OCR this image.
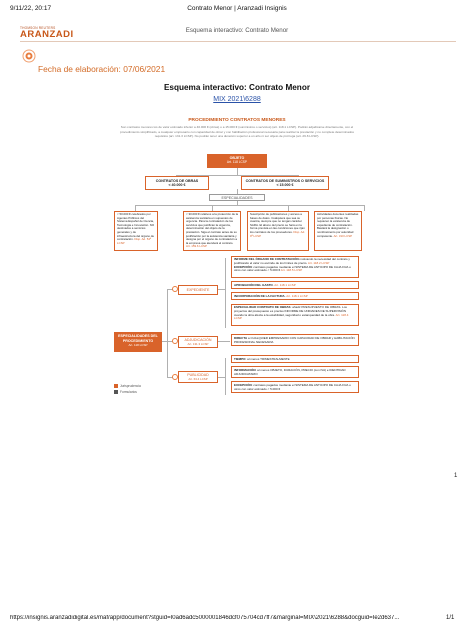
9/11/22, 20:17	Contrato Menor | Aranzadi Insignis
THOMSON REUTERS
ARANZADI	Esquema interactivo: Contrato Menor
Fecha de elaboración: 07/06/2021
Esquema interactivo: Contrato Menor
MIX 2021\6288
PROCEDIMIENTO CONTRATOS MENORES
Son contratos menores los de valor estimado inferior a 40.000 € (obras) o a 15.000 € (suministros o servicios) (art. 118.1 LCSP). Podrán adjudicarse directamente, con el procedimiento simplificado, a cualquier empresario con capacidad de obrar y con habilitación profesional necesaria para realizar la prestación y no complete determinados requisitos (art. 131.3 LCSP). No podrán tener una duración superior a un año ni ser objeto de prórroga (art. 29.8 LCSP).
OBJETO
Art. 118 LCSP
CONTRATOS DE OBRAS
< 40.000 €
CONTRATOS DE SUMINISTROS O SERVICIOS
< 15.000 €
ESPECIALIDADES
< 50.000 € celebrados por Agentes Públicos del Sistema Español de Ciencia, Tecnología e Innovación. NO destinados a servicios generales y de infraestructura del órgano de contratación. Disp. Ad. 54ª LCSP
< 30.000 € relativos a la protección de la asistencia sanitaria en supuestos de urgencia. Para la contratación de los servicios que justifican la urgencia, determinación del objeto de la prestación. Siga el contrato antes de su justificación por la asistencia sanitaria y designa por el órgano de contratación a la empresa que atenderá el contrato. Art. 159.6 LCSP
Suscripción de publicaciones y acceso a bases de datos. Cualquiera que sea su cuantía, siempre que no tengan carácter SARA. El abono del precio se hará en la forma prevista en las condiciones que rijan los contratos de los proveedores. Disp. Ad. 9ª LCSP
Actividades docentes realizadas por personas físicas. No requieren la existencia de expediente de contratación. Bastará la designación o nombramiento por autoridad competente. Art. 310 LCSP
ESPECIALIDADES DEL PROCEDIMIENTO
Art. 118 LCSP
EXPEDIENTE
ADJUDICACIÓN
Art. 131.3 LCSP
PUBLICIDAD
Art. 63.4 LCSP
INFORME DEL ÓRGANO DE CONTRATACIÓN motivando la necesidad del contrato y justificando el valor no escinde de los límites de precio. Art. 118.2 LCSP
EXCEPCIÓN: contratos pagados mediante el SISTEMA DE ANTICIPO DE CAJA FIJA u otros con valor estimado < 5.000 € Art. 118.5 LCSP
APROBACIÓN DEL GASTO. Art. 118.1 LCSP
INCORPORACIÓN DE LA FACTURA. Art. 118.1 LCSP
ESPECIALIDAD CONTRATO DE OBRAS: añadir PRESUPUESTO DE OBRAS. Los proyectos del presupuesto es preciso INFORME DE UNIDADES DE SUPERVISIÓN cuando la obra afecta a la estabilidad, seguridad o estanqueidad de la obra. Art. 118.4 LCSP
DIRECTA a CUALQUIER EMPRESARIO CON CAPACIDAD DE OBRAR y HABILITACIÓN PROFESIONAL NECESARIA
TIEMPO: al menos TRIMESTRALMENTE
INFORMACIÓN: al menos OBJETO, DURACIÓN, PRECIO (con IVA) e IDENTIDAD ADJUDICATARIO
EXCEPCIÓN: contratos pagados mediante el SISTEMA DE ANTICIPO DE CAJA FIJA u otros con valor estimado < 5.000 €
Jurisprudencia
Formularios
1
https://insignis.aranzadidigital.es/maf/app/document?stguid=I0ad6adc5000001846dcf075704cd7ff7&marginal=MIX\2021\6288&docguid=Ie2d637...	1/1
